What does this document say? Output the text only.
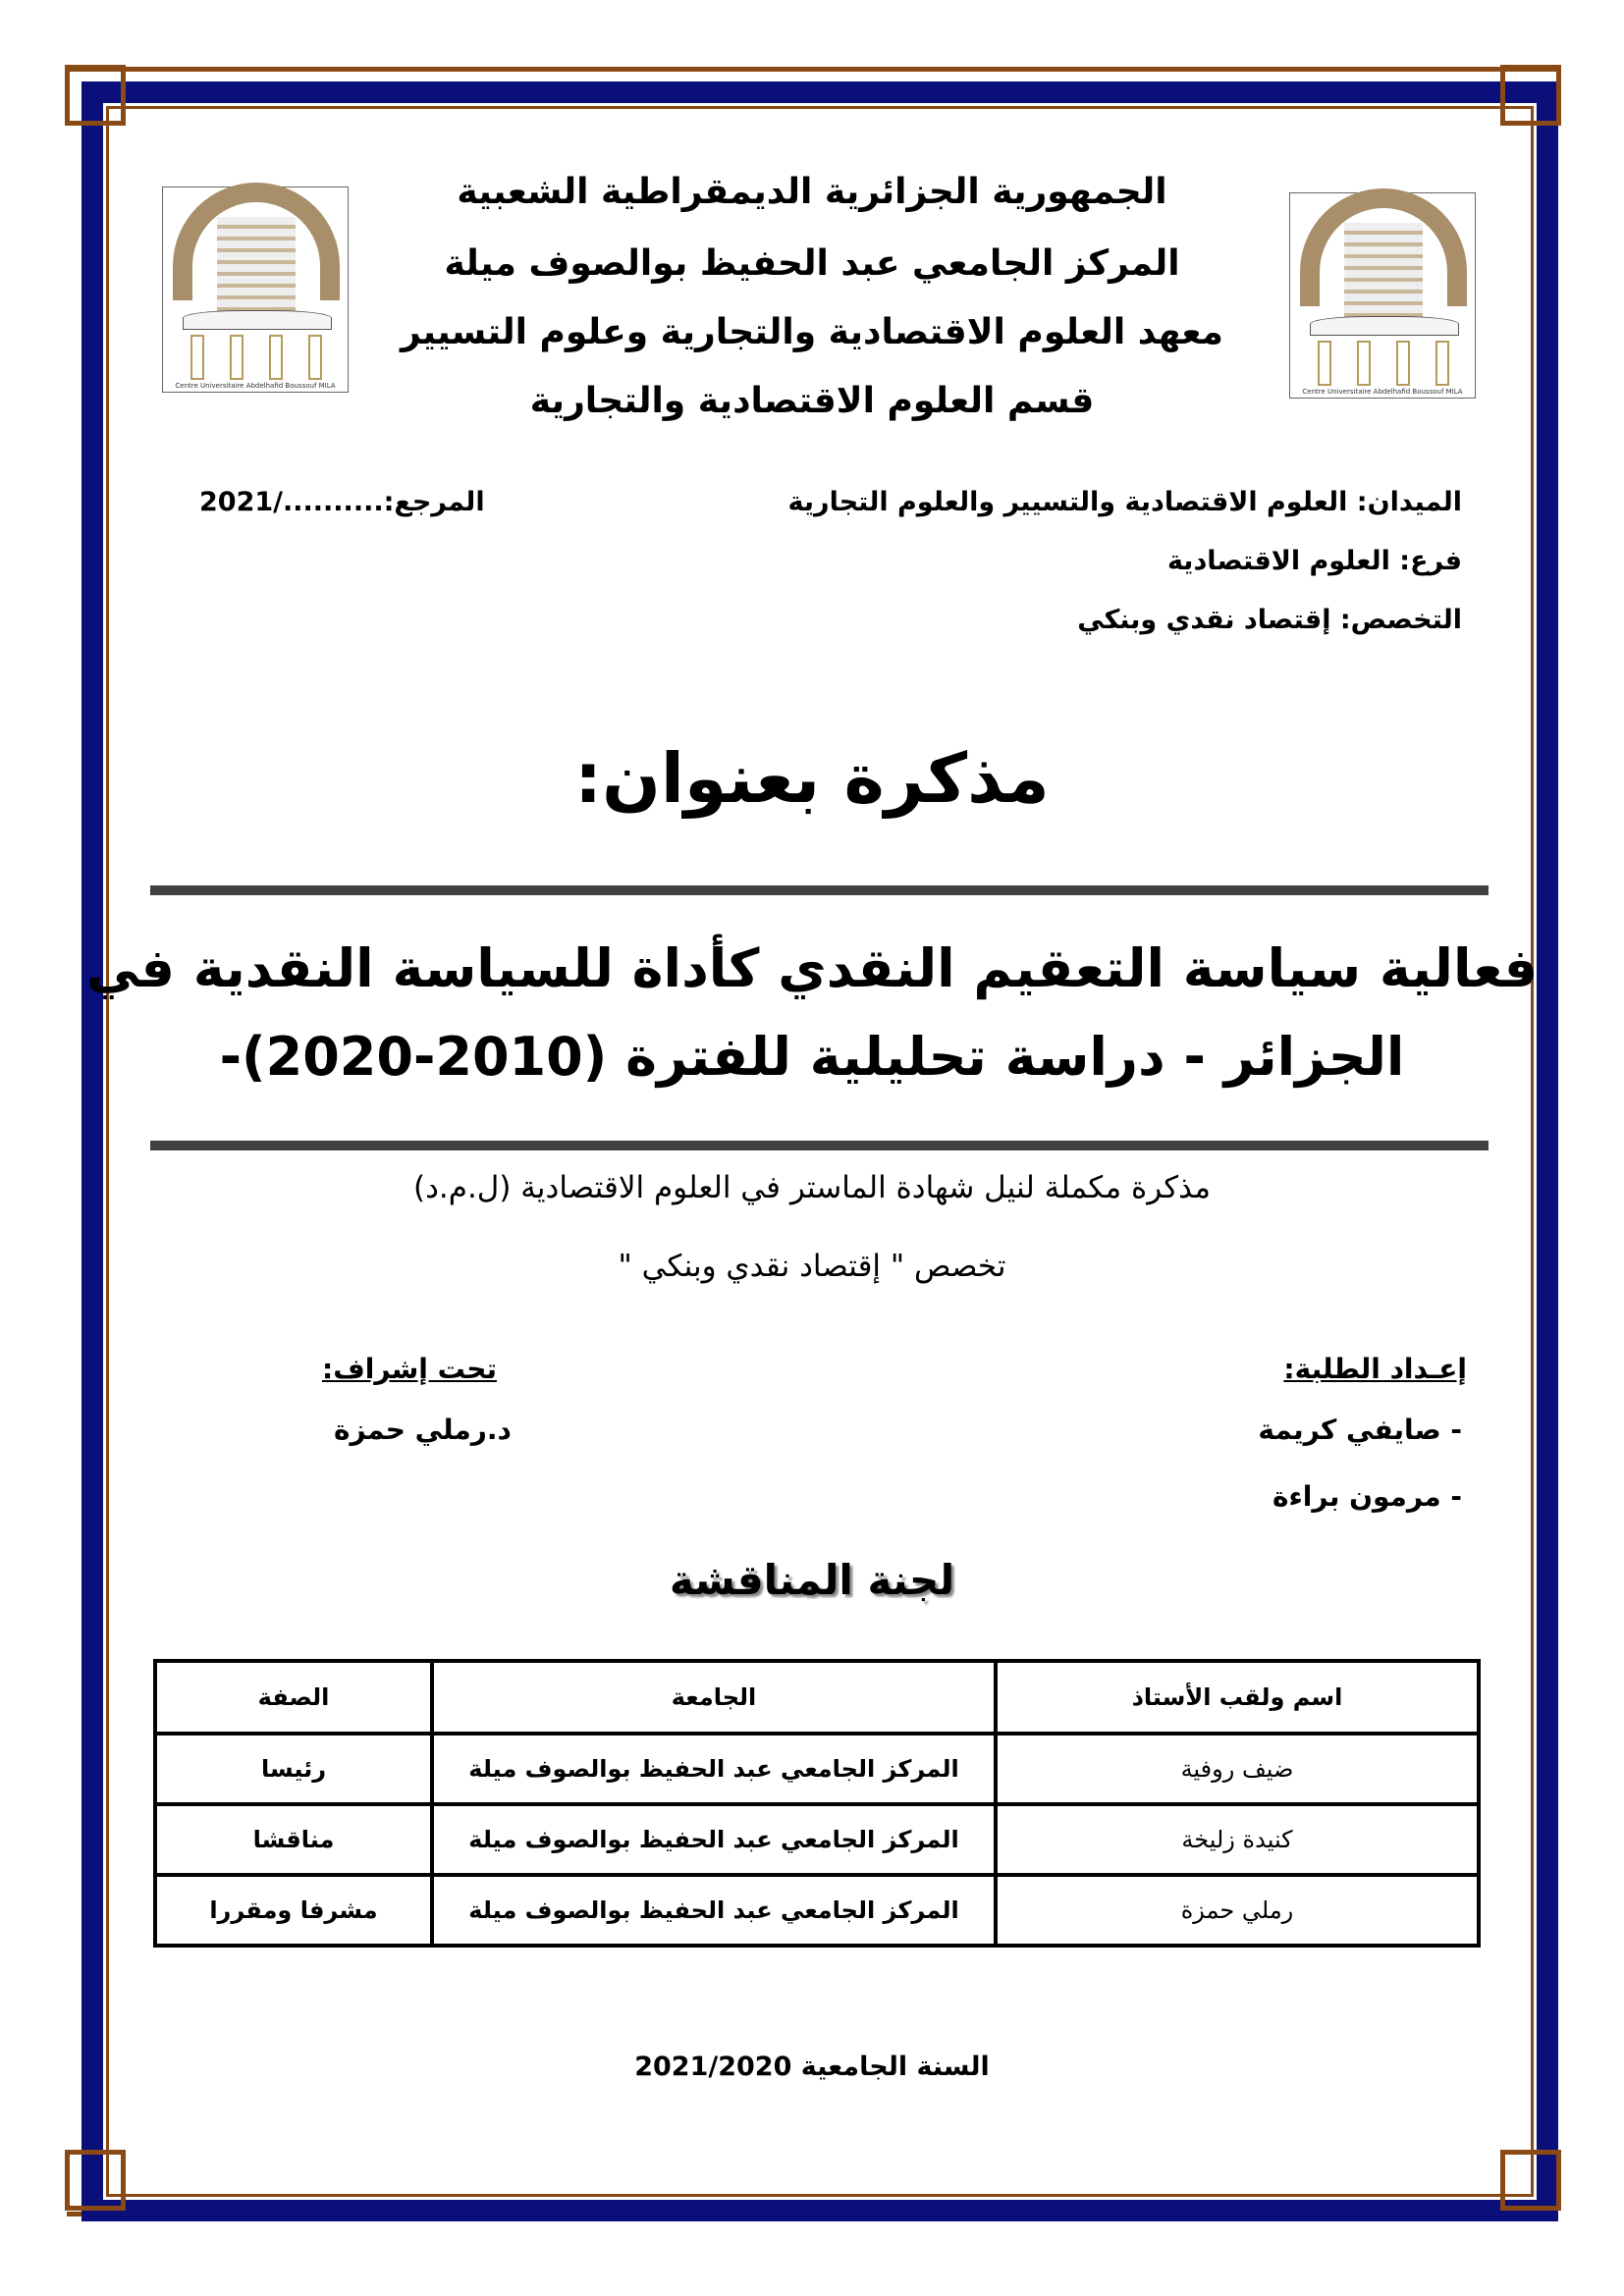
Centre Universitaire Abdelhafid Boussouf MILA
Centre Universitaire Abdelhafid Boussouf MILA
الجمهورية الجزائرية الديمقراطية الشعبية
المركز الجامعي عبد الحفيظ بوالصوف ميلة
معهد العلوم الاقتصادية والتجارية وعلوم التسيير
قسم العلوم الاقتصادية والتجارية
الميدان: العلوم الاقتصادية والتسيير والعلوم التجارية
فرع: العلوم الاقتصادية
التخصص: إقتصاد نقدي وبنكي
المرجع:........../2021
مذكرة بعنوان:
فعالية سياسة التعقيم النقدي كأداة للسياسة النقدية في
الجزائر - دراسة تحليلية للفترة (2010-2020)-
مذكرة مكملة لنيل شهادة الماستر في العلوم الاقتصادية (ل.م.د)
تخصص " إقتصاد نقدي وبنكي "
إعـداد الطلبة:
- صايفي كريمة
- مرمون براءة
تحت إشراف:
د.رملي حمزة
لجنة المناقشة
اسم ولقب الأستاذ	الجامعة	الصفة
ضيف روفية	المركز الجامعي عبد الحفيظ بوالصوف ميلة	رئيسا
كنيدة زليخة	المركز الجامعي عبد الحفيظ بوالصوف ميلة	مناقشا
رملي حمزة	المركز الجامعي عبد الحفيظ بوالصوف ميلة	مشرفا ومقررا
السنة الجامعية 2021/2020
